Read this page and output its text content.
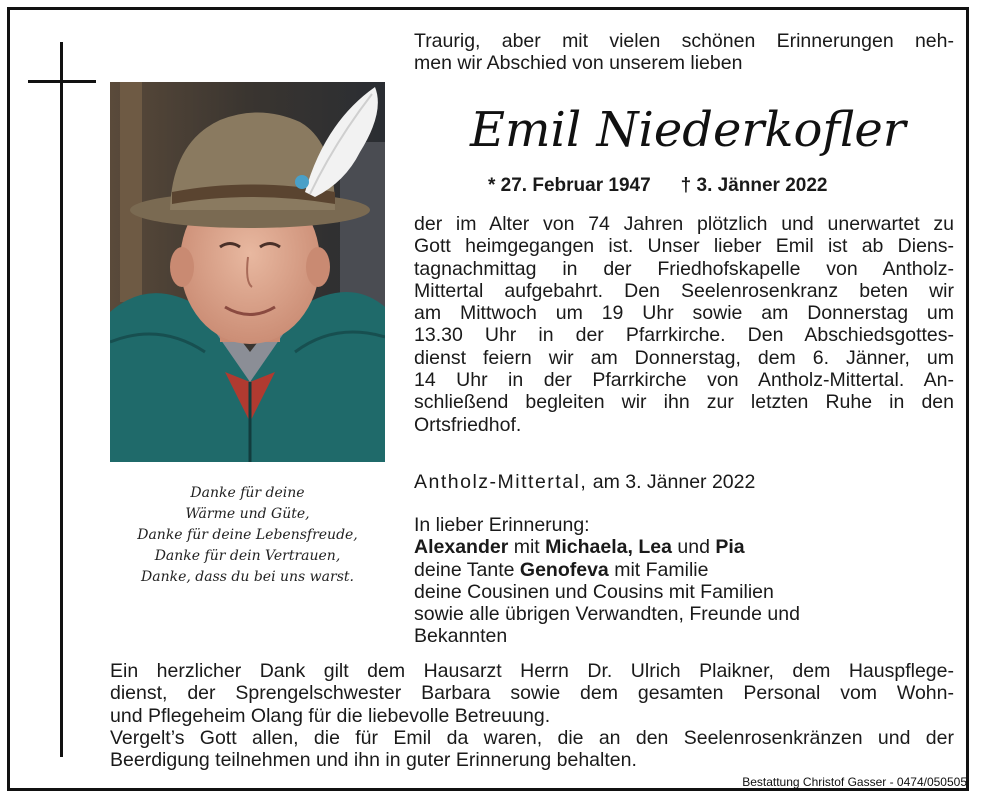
Traurig, aber mit vielen schönen Erinnerungen neh-
men wir Abschied von unserem lieben
Emil Niederkofler
* 27. Februar 1947 † 3. Jänner 2022
der im Alter von 74 Jahren plötzlich und unerwartet zu
Gott heimgegangen ist. Unser lieber Emil ist ab Diens-
tagnachmittag in der Friedhofskapelle von Antholz-
Mittertal aufgebahrt. Den Seelenrosenkranz beten wir
am Mittwoch um 19 Uhr sowie am Donnerstag um
13.30 Uhr in der Pfarrkirche. Den Abschiedsgottes-
dienst feiern wir am Donnerstag, dem 6. Jänner, um
14 Uhr in der Pfarrkirche von Antholz-Mittertal. An-
schließend begleiten wir ihn zur letzten Ruhe in den
Ortsfriedhof.
Antholz-Mittertal, am 3. Jänner 2022
In lieber Erinnerung:
Alexander mit Michaela, Lea und Pia
deine Tante Genofeva mit Familie
deine Cousinen und Cousins mit Familien
sowie alle übrigen Verwandten, Freunde und
Bekannten
Danke für deine
Wärme und Güte,
Danke für deine Lebensfreude,
Danke für dein Vertrauen,
Danke, dass du bei uns warst.
Ein herzlicher Dank gilt dem Hausarzt Herrn Dr. Ulrich Plaikner, dem Hauspflege-
dienst, der Sprengelschwester Barbara sowie dem gesamten Personal vom Wohn-
und Pflegeheim Olang für die liebevolle Betreuung.
Vergelt’s Gott allen, die für Emil da waren, die an den Seelenrosenkränzen und der
Beerdigung teilnehmen und ihn in guter Erinnerung behalten.
Bestattung Christof Gasser - 0474/050505
